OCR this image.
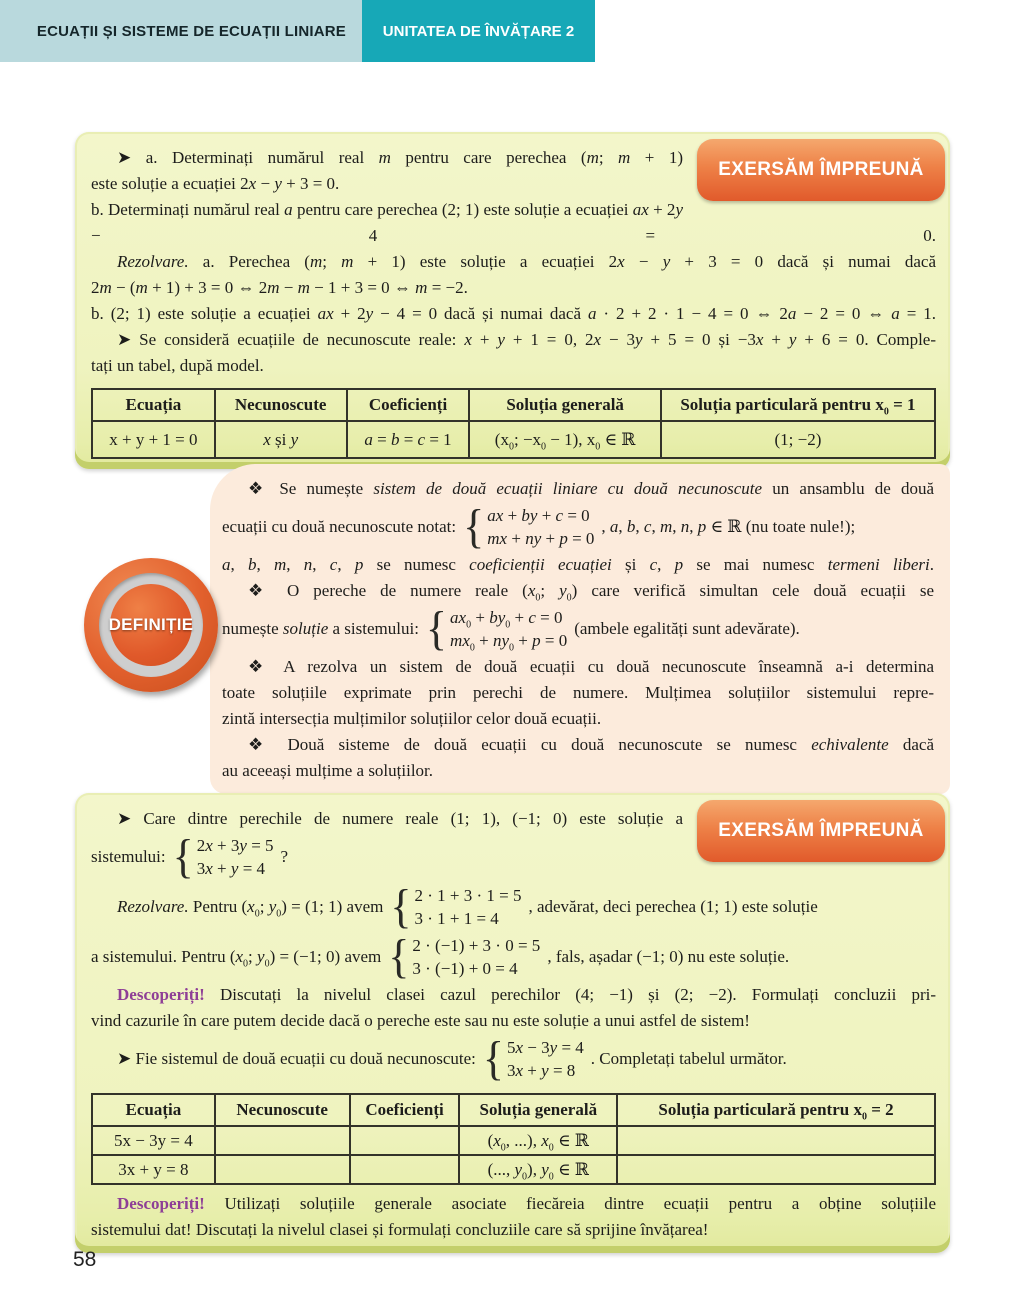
ECUAȚII ȘI SISTEME DE ECUAȚII LINIARE UNITATEA DE ÎNVĂȚARE 2
EXERSĂM ÎMPREUNĂ
➤ a. Determinați numărul real m pentru care perechea (m; m + 1)
este soluție a ecuației 2x − y + 3 = 0.
b. Determinați numărul real a pentru care perechea (2; 1) este soluție a ecuației ax + 2y − 4 = 0.
Rezolvare. a. Perechea (m; m + 1) este soluție a ecuației 2x − y + 3 = 0 dacă și numai dacă
2m − (m + 1) + 3 = 0 ⇔ 2m − m − 1 + 3 = 0 ⇔ m = −2.
b. (2; 1) este soluție a ecuației ax + 2y − 4 = 0 dacă și numai dacă a · 2 + 2 · 1 − 4 = 0 ⇔ 2a − 2 = 0 ⇔ a = 1.
➤ Se consideră ecuațiile de necunoscute reale: x + y + 1 = 0, 2x − 3y + 5 = 0 și −3x + y + 6 = 0. Comple-
tați un tabel, după model.
Ecuația	Necunoscute	Coeficienți	Soluția generală	Soluția particulară pentru $x_0 = 1$
x + y + 1 = 0	x și y	a = b = c = 1	($x_0$; $-x_0 - 1$), $x_0$ ∈ ℝ	(1; −2)
❖ Se numește sistem de două ecuații liniare cu două necunoscute un ansamblu de două
ecuații cu două necunoscute notat: { ax + by + c = 0
mx + ny + p = 0
, a, b, c, m, n, p ∈ ℝ (nu toate nule!);
a, b, m, n, c, p se numesc coeficienții ecuației și c, p se mai numesc termeni liberi.
❖ O pereche de numere reale ($x_0$; $y_0$) care verifică simultan cele două ecuații se
numește soluție a sistemului: { $ax_0 + by_0 + c = 0$
$mx_0 + ny_0 + p = 0$
(ambele egalități sunt adevărate).
❖ A rezolva un sistem de două ecuații cu două necunoscute înseamnă a-i determina
toate soluțiile exprimate prin perechi de numere. Mulțimea soluțiilor sistemului repre-
zintă intersecția mulțimilor soluțiilor celor două ecuații.
❖ Două sisteme de două ecuații cu două necunoscute se numesc echivalente dacă
au aceeași mulțime a soluțiilor.
DEFINIȚIE
EXERSĂM ÎMPREUNĂ
➤ Care dintre perechile de numere reale (1; 1), (−1; 0) este soluție a
sistemului: { 2x + 3y = 5
3x + y = 4
?
Rezolvare. Pentru ($x_0$; $y_0) = (1$; 1) avem { 2 · 1 + 3 · 1 = 5
3 · 1 + 1 = 4
, adevărat, deci perechea (1; 1) este soluție
a sistemului. Pentru ($x_0$; $y_0) = (-1$; 0) avem { 2 · (−1) + 3 · 0 = 5
3 · (−1) + 0 = 4
, fals, așadar (−1; 0) nu este soluție.
Descoperiți! Discutați la nivelul clasei cazul perechilor (4; −1) și (2; −2). Formulați concluzii pri-
vind cazurile în care putem decide dacă o pereche este sau nu este soluție a unui astfel de sistem!
➤ Fie sistemul de două ecuații cu două necunoscute: { 5x − 3y = 4
3x + y = 8
. Completați tabelul următor.
Ecuația	Necunoscute	Coeficienți	Soluția generală	Soluția particulară pentru $x_0 = 2$
5x − 3y = 4			($x_0$, ...), $x_0$ ∈ ℝ	
3x + y = 8			(..., $y_0$), $y_0$ ∈ ℝ	
Descoperiți! Utilizați soluțiile generale asociate fiecăreia dintre ecuații pentru a obține soluțiile
sistemului dat! Discutați la nivelul clasei și formulați concluziile care să sprijine învățarea!
58
